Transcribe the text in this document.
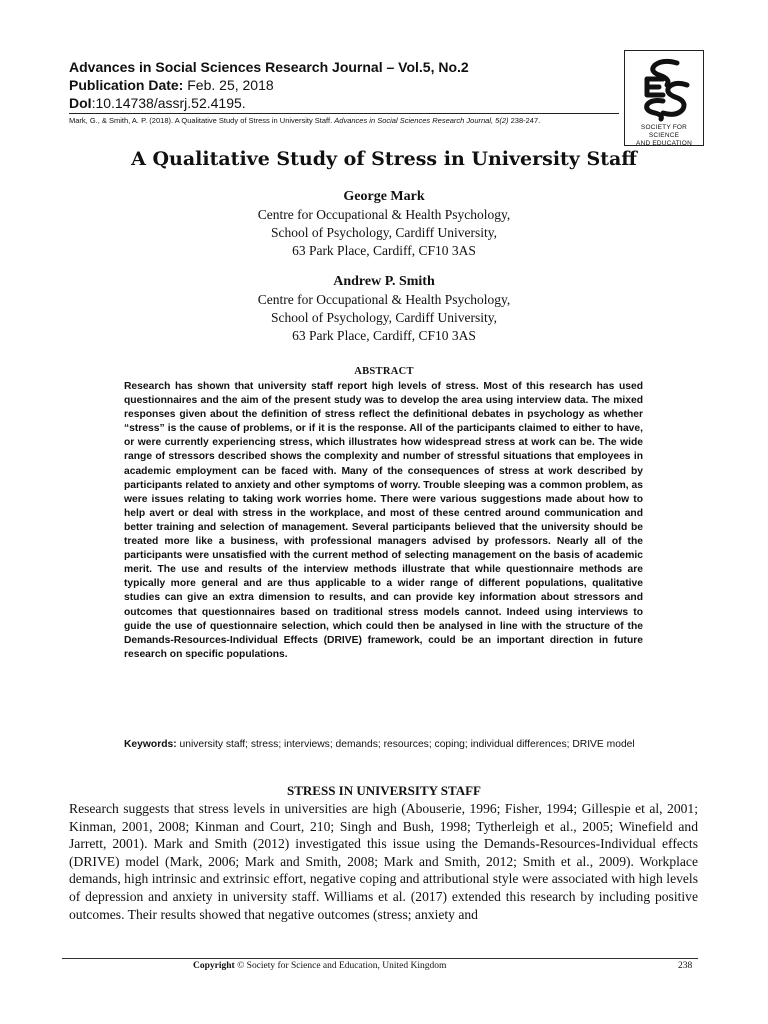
Advances in Social Sciences Research Journal – Vol.5, No.2

Publication Date: Feb. 25, 2018

DoI:10.14738/assrj.52.4195.

Mark, G., & Smith, A. P. (2018). A Qualitative Study of Stress in University Staff. Advances in Social Sciences Research Journal, 5(2) 238-247.
SOCIETY FOR SCIENCE
AND EDUCATION
A Qualitative Study of Stress in University Staff
George Mark
Centre for Occupational & Health Psychology,
School of Psychology, Cardiff University,
63 Park Place, Cardiff, CF10 3AS
Andrew P. Smith
Centre for Occupational & Health Psychology,
School of Psychology, Cardiff University,
63 Park Place, Cardiff, CF10 3AS
ABSTRACT

Research has shown that university staff report high levels of stress. Most of this research has used questionnaires and the aim of the present study was to develop the area using interview data. The mixed responses given about the definition of stress reflect the definitional debates in psychology as whether “stress” is the cause of problems, or if it is the response. All of the participants claimed to either to have, or were currently experiencing stress, which illustrates how widespread stress at work can be. The wide range of stressors described shows the complexity and number of stressful situations that employees in academic employment can be faced with. Many of the consequences of stress at work described by participants related to anxiety and other symptoms of worry. Trouble sleeping was a common problem, as were issues relating to taking work worries home. There were various suggestions made about how to help avert or deal with stress in the workplace, and most of these centred around communication and better training and selection of management. Several participants believed that the university should be treated more like a business, with professional managers advised by professors. Nearly all of the participants were unsatisfied with the current method of selecting management on the basis of academic merit. The use and results of the interview methods illustrate that while questionnaire methods are typically more general and are thus applicable to a wider range of different populations, qualitative studies can give an extra dimension to results, and can provide key information about stressors and outcomes that questionnaires based on traditional stress models cannot. Indeed using interviews to guide the use of questionnaire selection, which could then be analysed in line with the structure of the Demands-Resources-Individual Effects (DRIVE) framework, could be an important direction in future research on specific populations.

Keywords: university staff; stress; interviews; demands; resources; coping; individual differences; DRIVE model

STRESS IN UNIVERSITY STAFF

Research suggests that stress levels in universities are high (Abouserie, 1996; Fisher, 1994; Gillespie et al, 2001; Kinman, 2001, 2008; Kinman and Court, 210; Singh and Bush, 1998; Tytherleigh et al., 2005; Winefield and Jarrett, 2001). Mark and Smith (2012) investigated this issue using the Demands-Resources-Individual effects (DRIVE) model (Mark, 2006; Mark and Smith, 2008; Mark and Smith, 2012; Smith et al., 2009). Workplace demands, high intrinsic and extrinsic effort, negative coping and attributional style were associated with high levels of depression and anxiety in university staff. Williams et al. (2017) extended this research by including positive outcomes. Their results showed that negative outcomes (stress; anxiety and

Copyright © Society for Science and Education, United Kingdom	238
